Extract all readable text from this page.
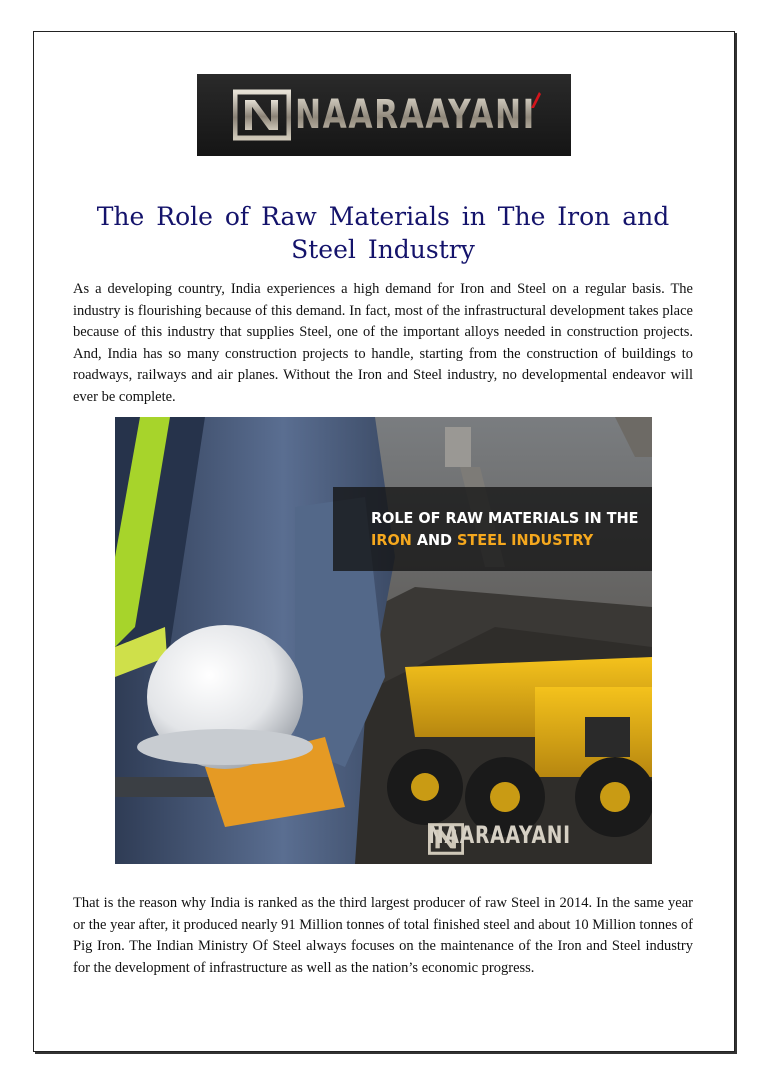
NAARAAYANI
The Role of Raw Materials in The Iron and Steel Industry

As a developing country, India experiences a high demand for Iron and Steel on a regular basis. The industry is flourishing because of this demand. In fact, most of the infrastructural development takes place because of this industry that supplies Steel, one of the important alloys needed in construction projects. And, India has so many construction projects to handle, starting from the construction of buildings to roadways, railways and air planes. Without the Iron and Steel industry, no developmental endeavor will ever be complete.

ROLE OF RAW MATERIALS IN THE
IRON AND STEEL INDUSTRY
NAARAAYANI

That is the reason why India is ranked as the third largest producer of raw Steel in 2014. In the same year or the year after, it produced nearly 91 Million tonnes of total finished steel and about 10 Million tonnes of Pig Iron. The Indian Ministry Of Steel always focuses on the maintenance of the Iron and Steel industry for the development of infrastructure as well as the nation’s economic progress.
